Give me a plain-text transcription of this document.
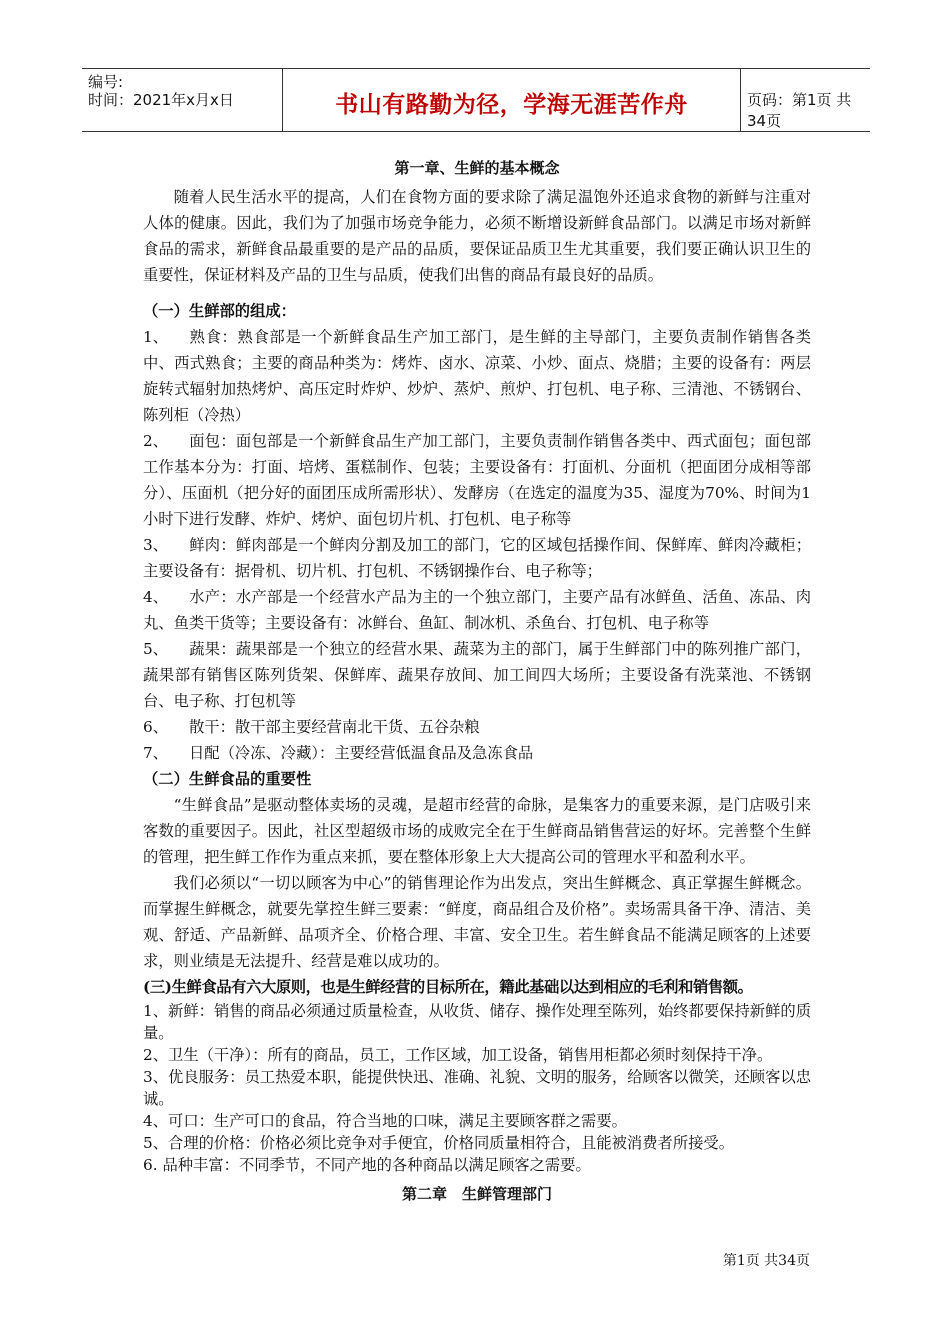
编号:
时间：2021年x月x日	书山有路勤为径，学海无涯苦作舟	页码：第1页 共34页

第一章、生鲜的基本概念

随着人民生活水平的提高，人们在食物方面的要求除了满足温饱外还追求食物的新鲜与注重对人体的健康。因此，我们为了加强市场竞争能力，必须不断增设新鲜食品部门。以满足市场对新鲜食品的需求，新鲜食品最重要的是产品的品质，要保证品质卫生尤其重要，我们要正确认识卫生的重要性，保证材料及产品的卫生与品质，使我们出售的商品有最良好的品质。

（一）生鲜部的组成：

1、 熟食：熟食部是一个新鲜食品生产加工部门，是生鲜的主导部门，主要负责制作销售各类中、西式熟食；主要的商品种类为：烤炸、卤水、凉菜、小炒、面点、烧腊；主要的设备有：两层旋转式辐射加热烤炉、高压定时炸炉、炒炉、蒸炉、煎炉、打包机、电子称、三清池、不锈钢台、陈列柜（冷热）

2、 面包：面包部是一个新鲜食品生产加工部门，主要负责制作销售各类中、西式面包；面包部工作基本分为：打面、培烤、蛋糕制作、包装；主要设备有：打面机、分面机（把面团分成相等部分）、压面机（把分好的面团压成所需形状）、发酵房（在选定的温度为35、湿度为70%、时间为1小时下进行发酵、炸炉、烤炉、面包切片机、打包机、电子称等

3、 鲜肉：鲜肉部是一个鲜肉分割及加工的部门，它的区域包括操作间、保鲜库、鲜肉冷藏柜；主要设备有：据骨机、切片机、打包机、不锈钢操作台、电子称等；

4、 水产：水产部是一个经营水产品为主的一个独立部门，主要产品有冰鲜鱼、活鱼、冻品、肉丸、鱼类干货等；主要设备有：冰鲜台、鱼缸、制冰机、杀鱼台、打包机、电子称等

5、 蔬果：蔬果部是一个独立的经营水果、蔬菜为主的部门，属于生鲜部门中的陈列推广部门，蔬果部有销售区陈列货架、保鲜库、蔬果存放间、加工间四大场所；主要设备有洗菜池、不锈钢台、电子称、打包机等

6、 散干：散干部主要经营南北干货、五谷杂粮

7、 日配（冷冻、冷藏）：主要经营低温食品及急冻食品

（二）生鲜食品的重要性

“生鲜食品”是驱动整体卖场的灵魂，是超市经营的命脉，是集客力的重要来源，是门店吸引来客数的重要因子。因此，社区型超级市场的成败完全在于生鲜商品销售营运的好坏。完善整个生鲜的管理，把生鲜工作作为重点来抓，要在整体形象上大大提高公司的管理水平和盈利水平。

我们必须以“一切以顾客为中心”的销售理论作为出发点，突出生鲜概念、真正掌握生鲜概念。而掌握生鲜概念，就要先掌控生鲜三要素：“鲜度，商品组合及价格”。卖场需具备干净、清洁、美观、舒适、产品新鲜、品项齐全、价格合理、丰富、安全卫生。若生鲜食品不能满足顾客的上述要求，则业绩是无法提升、经营是难以成功的。

(三)生鲜食品有六大原则，也是生鲜经营的目标所在，籍此基础以达到相应的毛利和销售额。

1、新鲜：销售的商品必须通过质量检查，从收货、储存、操作处理至陈列，始终都要保持新鲜的质量。

2、卫生（干净）：所有的商品，员工，工作区域，加工设备，销售用柜都必须时刻保持干净。

3、优良服务：员工热爱本职，能提供快迅、准确、礼貌、文明的服务，给顾客以微笑，还顾客以忠诚。

4、可口：生产可口的食品，符合当地的口味，满足主要顾客群之需要。

5、合理的价格：价格必须比竞争对手便宜，价格同质量相符合，且能被消费者所接受。

6. 品种丰富：不同季节，不同产地的各种商品以满足顾客之需要。

第二章　生鲜管理部门

第1页 共34页
